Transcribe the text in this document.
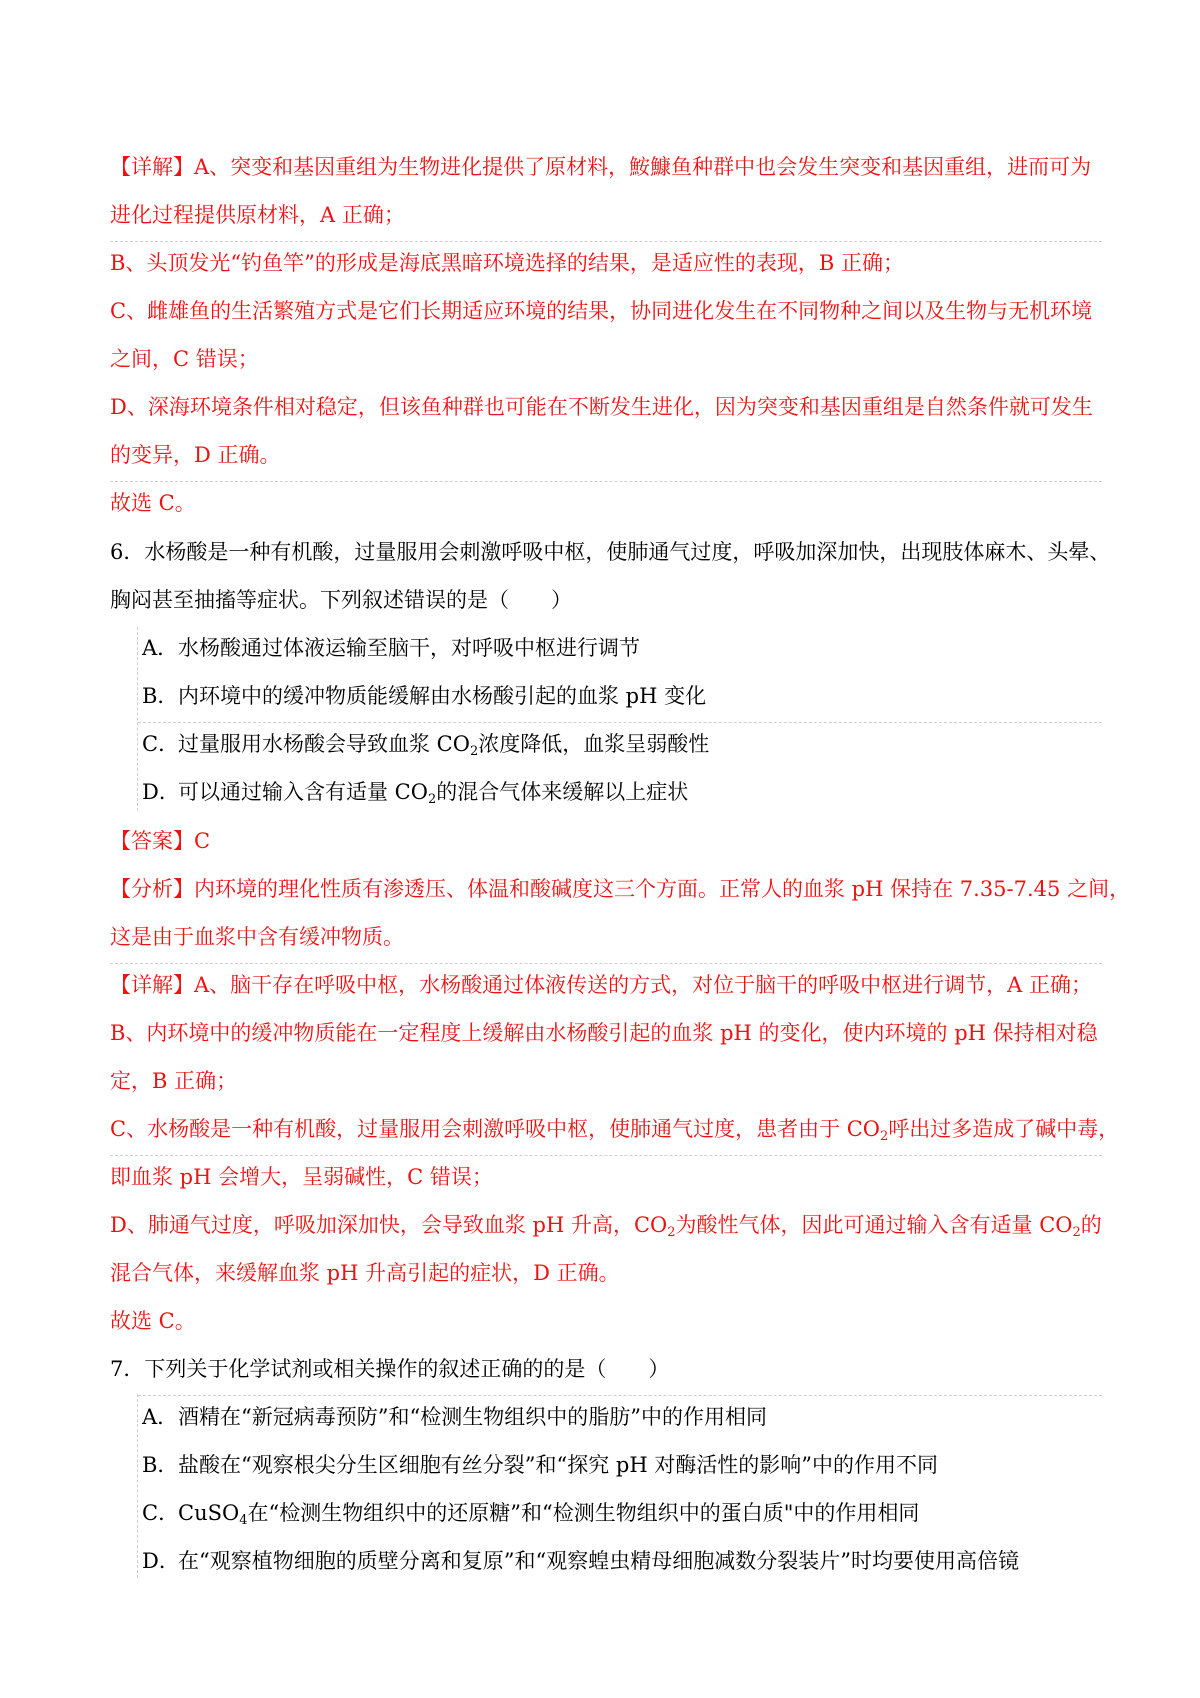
【详解】A、突变和基因重组为生物进化提供了原材料，鮟鱇鱼种群中也会发生突变和基因重组，进而可为
进化过程提供原材料，A 正确；
B、头顶发光“钓鱼竿”的形成是海底黑暗环境选择的结果，是适应性的表现，B 正确；
C、雌雄鱼的生活繁殖方式是它们长期适应环境的结果，协同进化发生在不同物种之间以及生物与无机环境
之间，C 错误；
D、深海环境条件相对稳定，但该鱼种群也可能在不断发生进化，因为突变和基因重组是自然条件就可发生
的变异，D 正确。
故选 C。
6．水杨酸是一种有机酸，过量服用会刺激呼吸中枢，使肺通气过度，呼吸加深加快，出现肢体麻木、头晕、
胸闷甚至抽搐等症状。下列叙述错误的是（　　）
A．水杨酸通过体液运输至脑干，对呼吸中枢进行调节
B．内环境中的缓冲物质能缓解由水杨酸引起的血浆 pH 变化
C．过量服用水杨酸会导致血浆 $CO_2$浓度降低，血浆呈弱酸性
D．可以通过输入含有适量 $CO_2$的混合气体来缓解以上症状
【答案】C
【分析】内环境的理化性质有渗透压、体温和酸碱度这三个方面。正常人的血浆 pH 保持在 7.35-7.45 之间，
这是由于血浆中含有缓冲物质。
【详解】A、脑干存在呼吸中枢，水杨酸通过体液传送的方式，对位于脑干的呼吸中枢进行调节，A 正确；
B、内环境中的缓冲物质能在一定程度上缓解由水杨酸引起的血浆 pH 的变化，使内环境的 pH 保持相对稳
定，B 正确；
C、水杨酸是一种有机酸，过量服用会刺激呼吸中枢，使肺通气过度，患者由于 $CO_2$呼出过多造成了碱中毒，
即血浆 pH 会增大，呈弱碱性，C 错误；
D、肺通气过度，呼吸加深加快，会导致血浆 pH 升高，$CO_2$为酸性气体，因此可通过输入含有适量 $CO_2$的
混合气体，来缓解血浆 pH 升高引起的症状，D 正确。
故选 C。
7．下列关于化学试剂或相关操作的叙述正确的的是（　　）
A．酒精在“新冠病毒预防”和“检测生物组织中的脂肪”中的作用相同
B．盐酸在“观察根尖分生区细胞有丝分裂”和“探究 pH 对酶活性的影响”中的作用不同
C．CuSO$_4$在“检测生物组织中的还原糖”和“检测生物组织中的蛋白质"中的作用相同
D．在“观察植物细胞的质壁分离和复原”和“观察蝗虫精母细胞减数分裂装片”时均要使用高倍镜
